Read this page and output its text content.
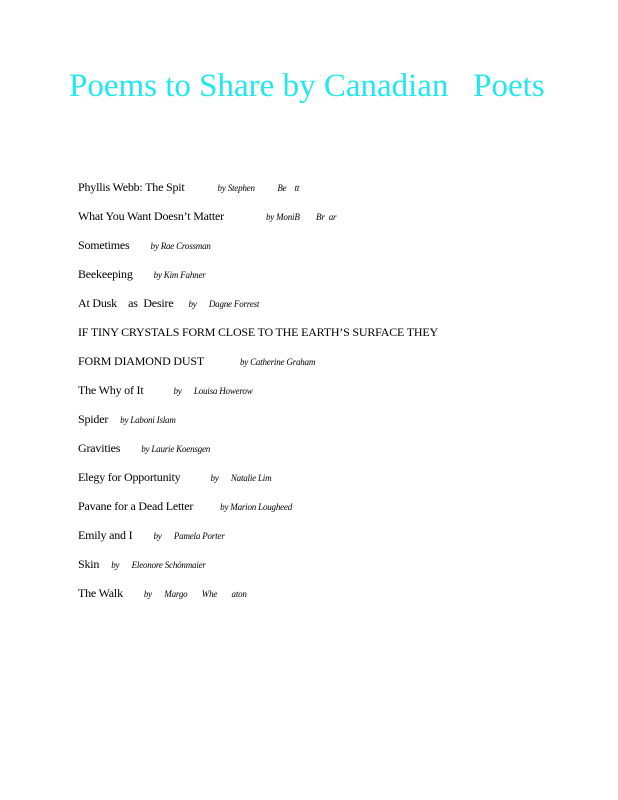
Poems to Share by Canadian   Poets
Phyllis Webb: The Spit	by Stephen           Be    tt
What You Want Doesn’t Matter	by MoniB        Br  ar
Sometimes by Rae Crossman
Beekeeping by Kim Fahner
At Dusk    as  Desire by      Dagne Forrest
IF TINY CRYSTALS FORM CLOSE TO THE EARTH’S SURFACE THEY
FORM DIAMOND DUST	by Catherine Graham
The Why of It	by      Louisa Howerow
Spider by Laboni Islam
Gravities by Laurie Koensgen
Elegy for Opportunity	by      Natalie Lim
Pavane for a Dead Letter	by Marion Lougheed
Emily and I by      Pamela Porter
Skin by      Eleonore Schönmaier
The Walk by      Margo       Whe       aton
